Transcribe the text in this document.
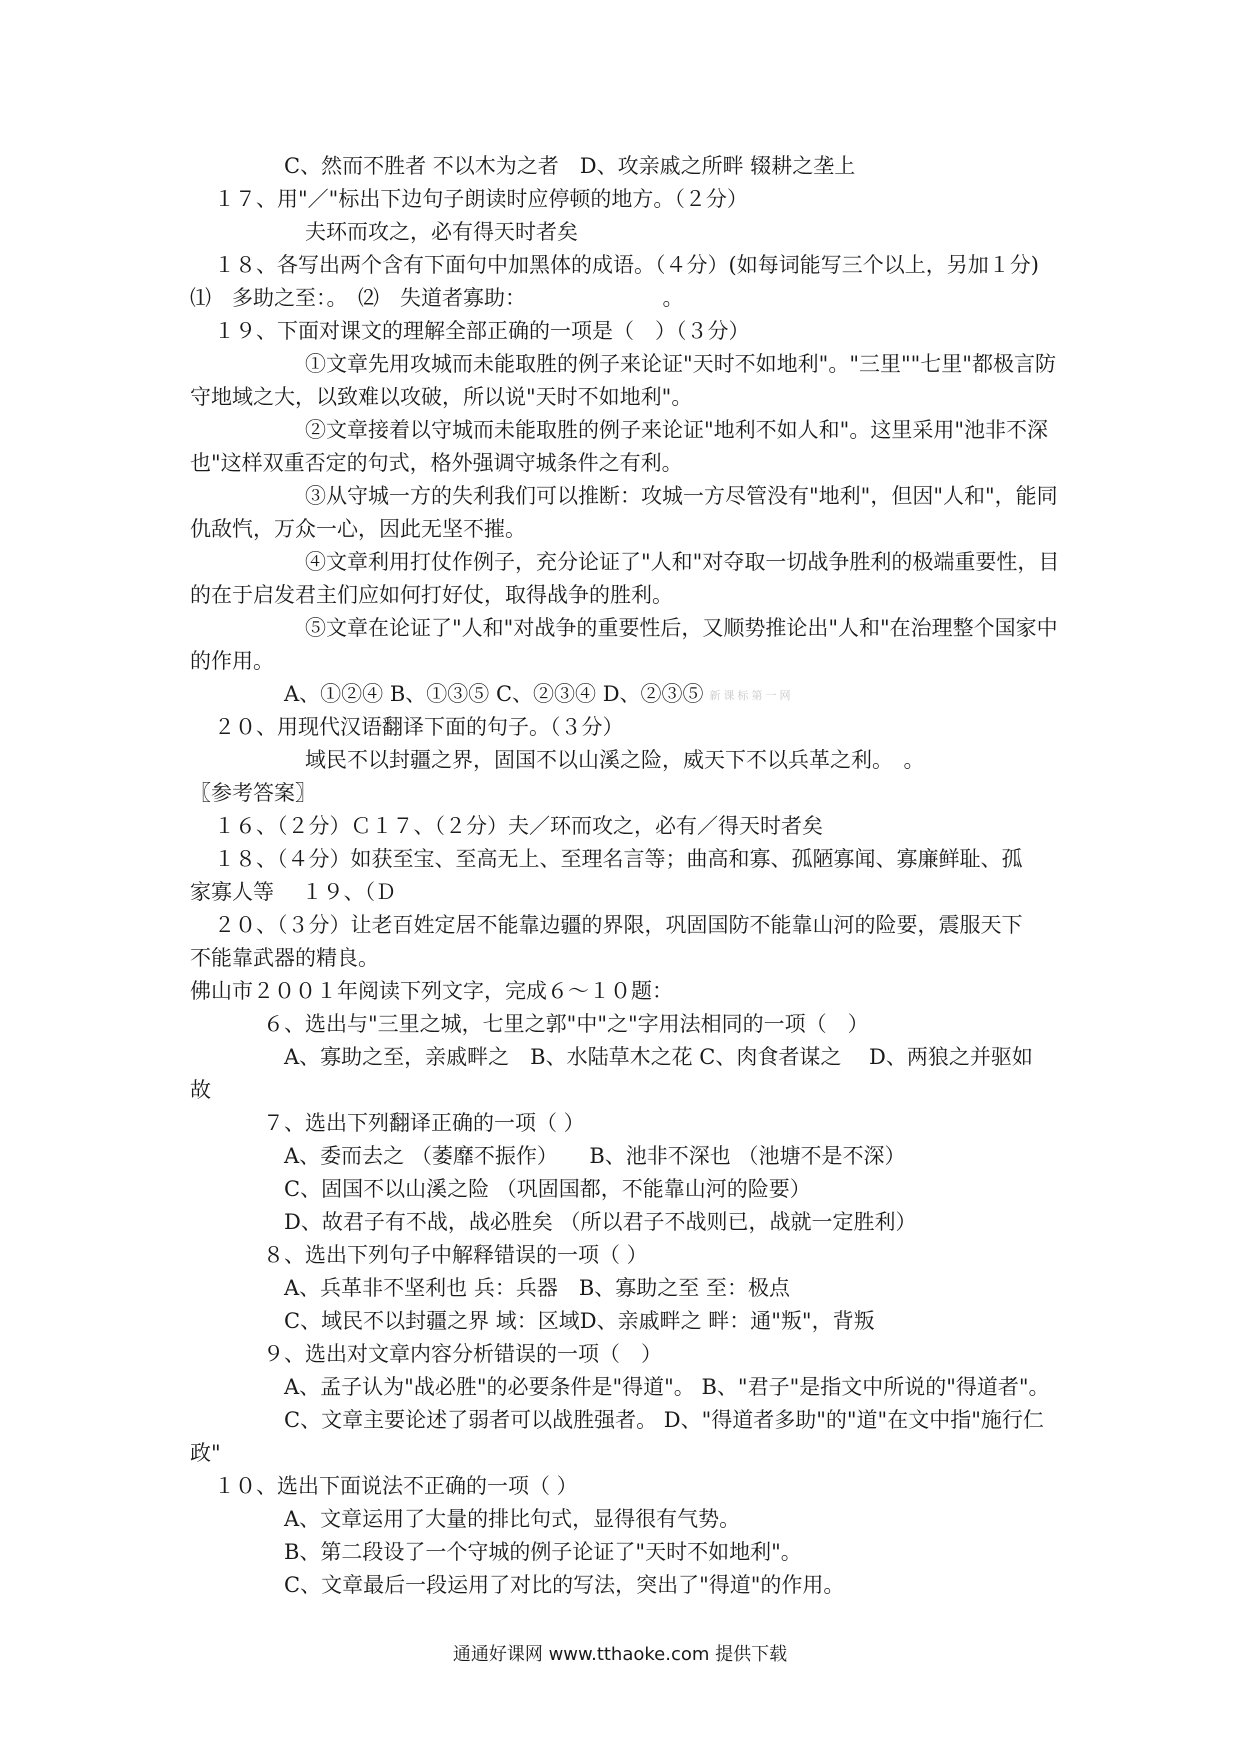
　　C、然而不胜者 不以木为之者　D、攻亲戚之所畔 辍耕之垄上
１７、用"／"标出下边句子朗读时应停顿的地方。（２分）
　　　夫环而攻之，必有得天时者矣
１８、各写出两个含有下面句中加黑体的成语。（４分）(如每词能写三个以上，另加１分)
⑴　多助之至：。　⑵　失道者寡助：　　　　　　　。
１９、下面对课文的理解全部正确的一项是（　）（３分）
　　　①文章先用攻城而未能取胜的例子来论证"天时不如地利"。"三里""七里"都极言防
守地域之大，以致难以攻破，所以说"天时不如地利"。
　　　②文章接着以守城而未能取胜的例子来论证"地利不如人和"。这里采用"池非不深
也"这样双重否定的句式，格外强调守城条件之有利。
　　　③从守城一方的失利我们可以推断：攻城一方尽管没有"地利"，但因"人和"，能同
仇敌忾，万众一心，因此无坚不摧。
　　　④文章利用打仗作例子，充分论证了"人和"对夺取一切战争胜利的极端重要性，目
的在于启发君主们应如何打好仗，取得战争的胜利。
　　　⑤文章在论证了"人和"对战争的重要性后，又顺势推论出"人和"在治理整个国家中
的作用。
　　A、①②④ B、①③⑤ C、②③④ D、②③⑤ 新课标第一网
２０、用现代汉语翻译下面的句子。（３分）
　　　域民不以封疆之界，固国不以山溪之险，威天下不以兵革之利。　。
〖参考答案〗
１６、（２分）Ｃ１７、（２分）夫／环而攻之，必有／得天时者矣
１８、（４分）如获至宝、至高无上、至理名言等；曲高和寡、孤陋寡闻、寡廉鲜耻、孤
家寡人等　 １９、（Ｄ
２０、（３分）让老百姓定居不能靠边疆的界限，巩固国防不能靠山河的险要，震服天下
不能靠武器的精良。
佛山市２００１年阅读下列文字，完成６～１０题：
　６、选出与"三里之城，七里之郭"中"之"字用法相同的一项（　）
　　A、寡助之至，亲戚畔之　B、水陆草木之花 C、肉食者谋之　 D、两狼之并驱如
故
　７、选出下列翻译正确的一项（ ）
　　A、委而去之 （萎靡不振作）　　B、池非不深也 （池塘不是不深）
　　C、固国不以山溪之险 （巩固国都，不能靠山河的险要）
　　D、故君子有不战，战必胜矣 （所以君子不战则已，战就一定胜利）
　８、选出下列句子中解释错误的一项（ ）
　　A、兵革非不坚利也 兵：兵器　B、寡助之至 至：极点
　　C、域民不以封疆之界 域：区域D、亲戚畔之 畔：通"叛"，背叛
　９、选出对文章内容分析错误的一项（　）
　　A、孟子认为"战必胜"的必要条件是"得道"。 B、"君子"是指文中所说的"得道者"。
　　C、文章主要论述了弱者可以战胜强者。 D、"得道者多助"的"道"在文中指"施行仁
政"
１０、选出下面说法不正确的一项（ ）
　　A、文章运用了大量的排比句式，显得很有气势。
　　B、第二段设了一个守城的例子论证了"天时不如地利"。
　　C、文章最后一段运用了对比的写法，突出了"得道"的作用。
通通好课网 www.tthaoke.com 提供下载
